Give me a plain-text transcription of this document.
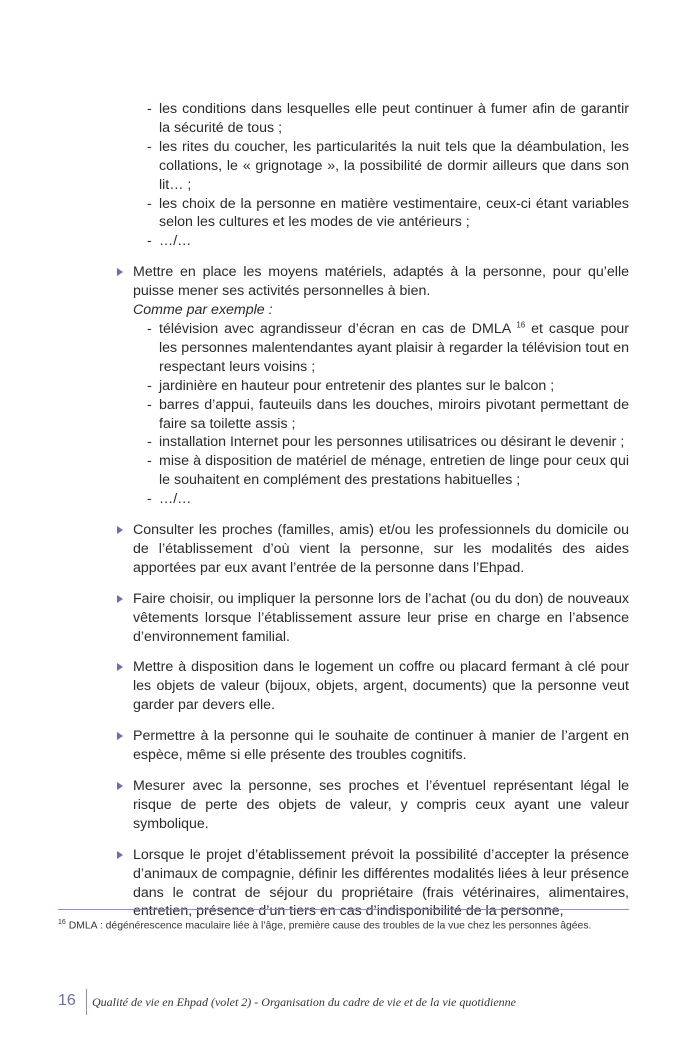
- les conditions dans lesquelles elle peut continuer à fumer afin de garantir la sécurité de tous ;
- les rites du coucher, les particularités la nuit tels que la déambulation, les collations, le « grignotage », la possibilité de dormir ailleurs que dans son lit… ;
- les choix de la personne en matière vestimentaire, ceux-ci étant variables selon les cultures et les modes de vie antérieurs ;
- …/…
Mettre en place les moyens matériels, adaptés à la personne, pour qu’elle puisse mener ses activités personnelles à bien.
Comme par exemple :
- télévision avec agrandisseur d’écran en cas de DMLA $^{16}$ et casque pour les personnes malentendantes ayant plaisir à regarder la télévision tout en respectant leurs voisins ;
- jardinière en hauteur pour entretenir des plantes sur le balcon ;
- barres d’appui, fauteuils dans les douches, miroirs pivotant permettant de faire sa toilette assis ;
- installation Internet pour les personnes utilisatrices ou désirant le devenir ;
- mise à disposition de matériel de ménage, entretien de linge pour ceux qui le souhaitent en complément des prestations habituelles ;
- …/…
Consulter les proches (familles, amis) et/ou les professionnels du domicile ou de l’établissement d’où vient la personne, sur les modalités des aides apportées par eux avant l’entrée de la personne dans l’Ehpad.
Faire choisir, ou impliquer la personne lors de l’achat (ou du don) de nouveaux vêtements lorsque l’établissement assure leur prise en charge en l’absence d’environnement familial.
Mettre à disposition dans le logement un coffre ou placard fermant à clé pour les objets de valeur (bijoux, objets, argent, documents) que la personne veut garder par devers elle.
Permettre à la personne qui le souhaite de continuer à manier de l’argent en espèce, même si elle présente des troubles cognitifs.
Mesurer avec la personne, ses proches et l’éventuel représentant légal le risque de perte des objets de valeur, y compris ceux ayant une valeur symbolique.
Lorsque le projet d’établissement prévoit la possibilité d’accepter la présence d’animaux de compagnie, définir les différentes modalités liées à leur présence dans le contrat de séjour du propriétaire (frais vétérinaires, alimentaires, entretien, présence d’un tiers en cas d’indisponibilité de la personne,
$^{16}$ DMLA : dégénérescence maculaire liée à l’âge, première cause des troubles de la vue chez les personnes âgées.
16 Qualité de vie en Ehpad (volet 2) - Organisation du cadre de vie et de la vie quotidienne
